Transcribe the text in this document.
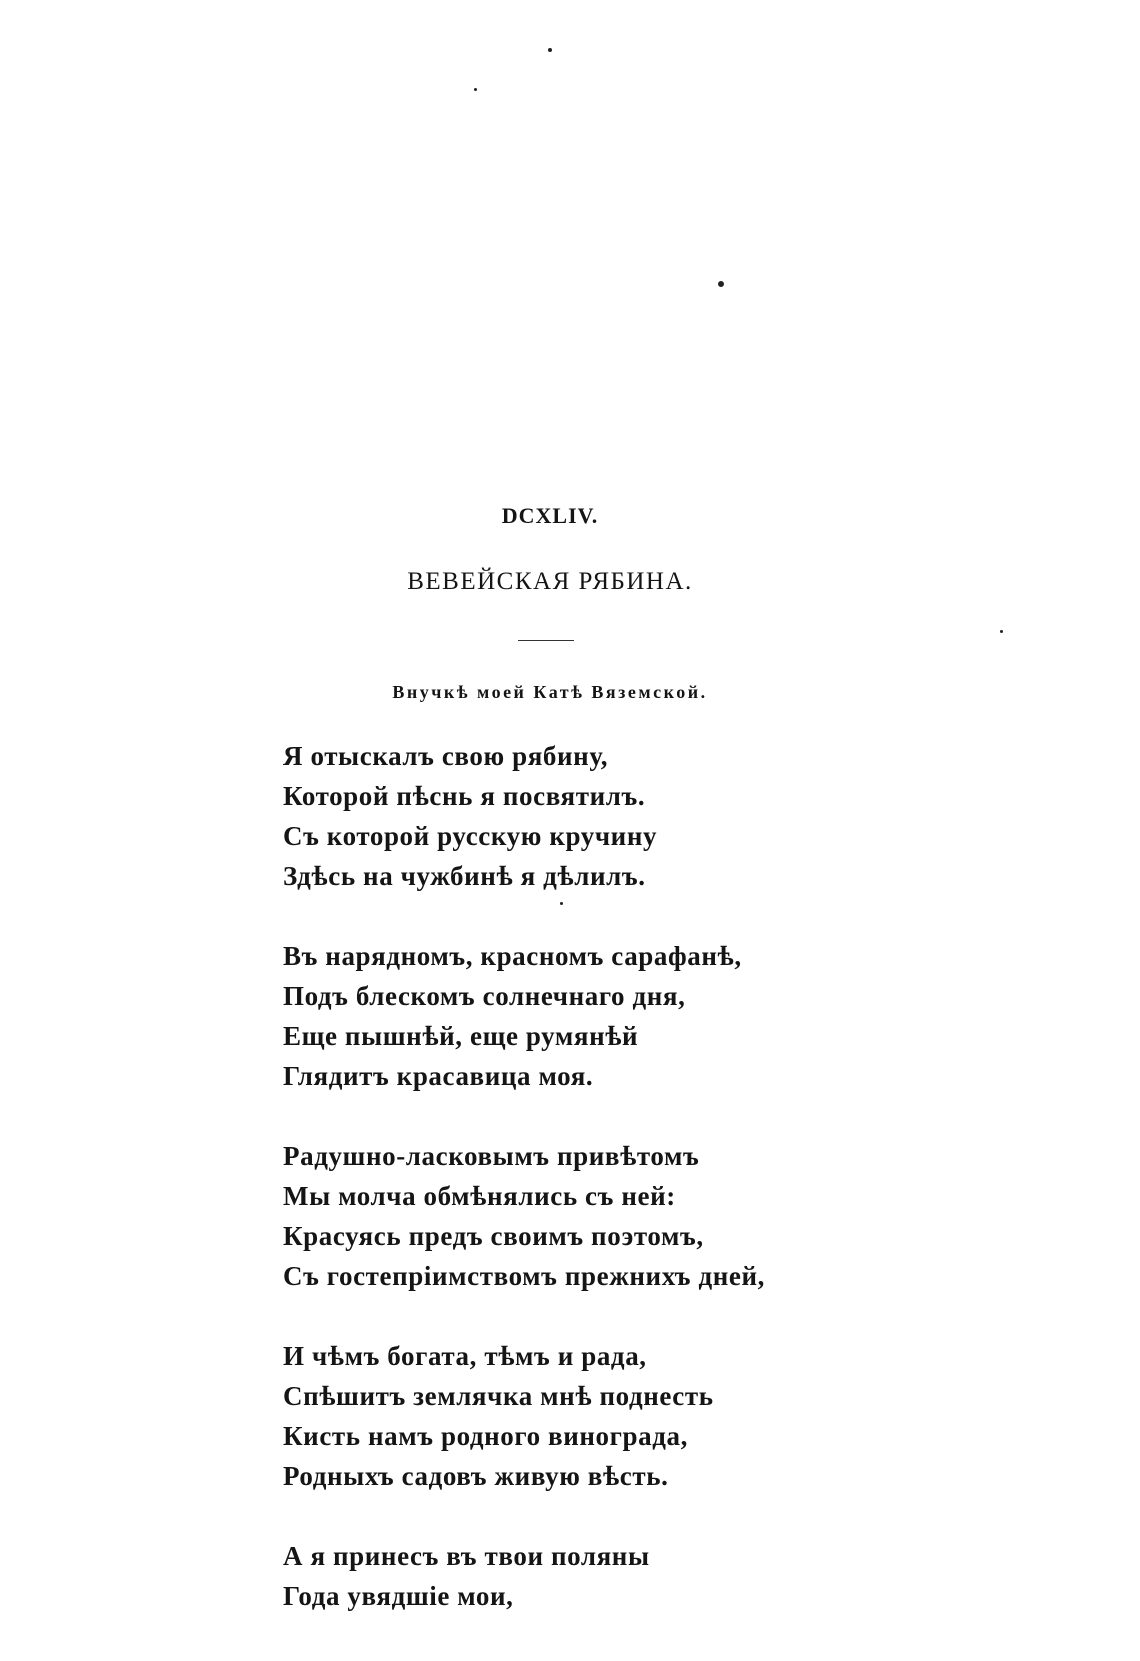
DCXLIV.
ВЕВЕЙСКАЯ РЯБИНА.
Внучкѣ моей Катѣ Вяземской.
Я отыскалъ свою рябину,
Которой пѣснь я посвятилъ.
Съ которой русскую кручину
Здѣсь на чужбинѣ я дѣлилъ.
Въ нарядномъ, красномъ сарафанѣ,
Подъ блескомъ солнечнаго дня,
Еще пышнѣй, еще румянѣй
Глядитъ красавица моя.
Радушно-ласковымъ привѣтомъ
Мы молча обмѣнялись съ ней:
Красуясь предъ своимъ поэтомъ,
Съ гостепріимствомъ прежнихъ дней,
И чѣмъ богата, тѣмъ и рада,
Спѣшитъ землячка мнѣ поднесть
Кисть намъ родного винограда,
Родныхъ садовъ живую вѣсть.
А я принесъ въ твои поляны
Года увядшіе мои,
